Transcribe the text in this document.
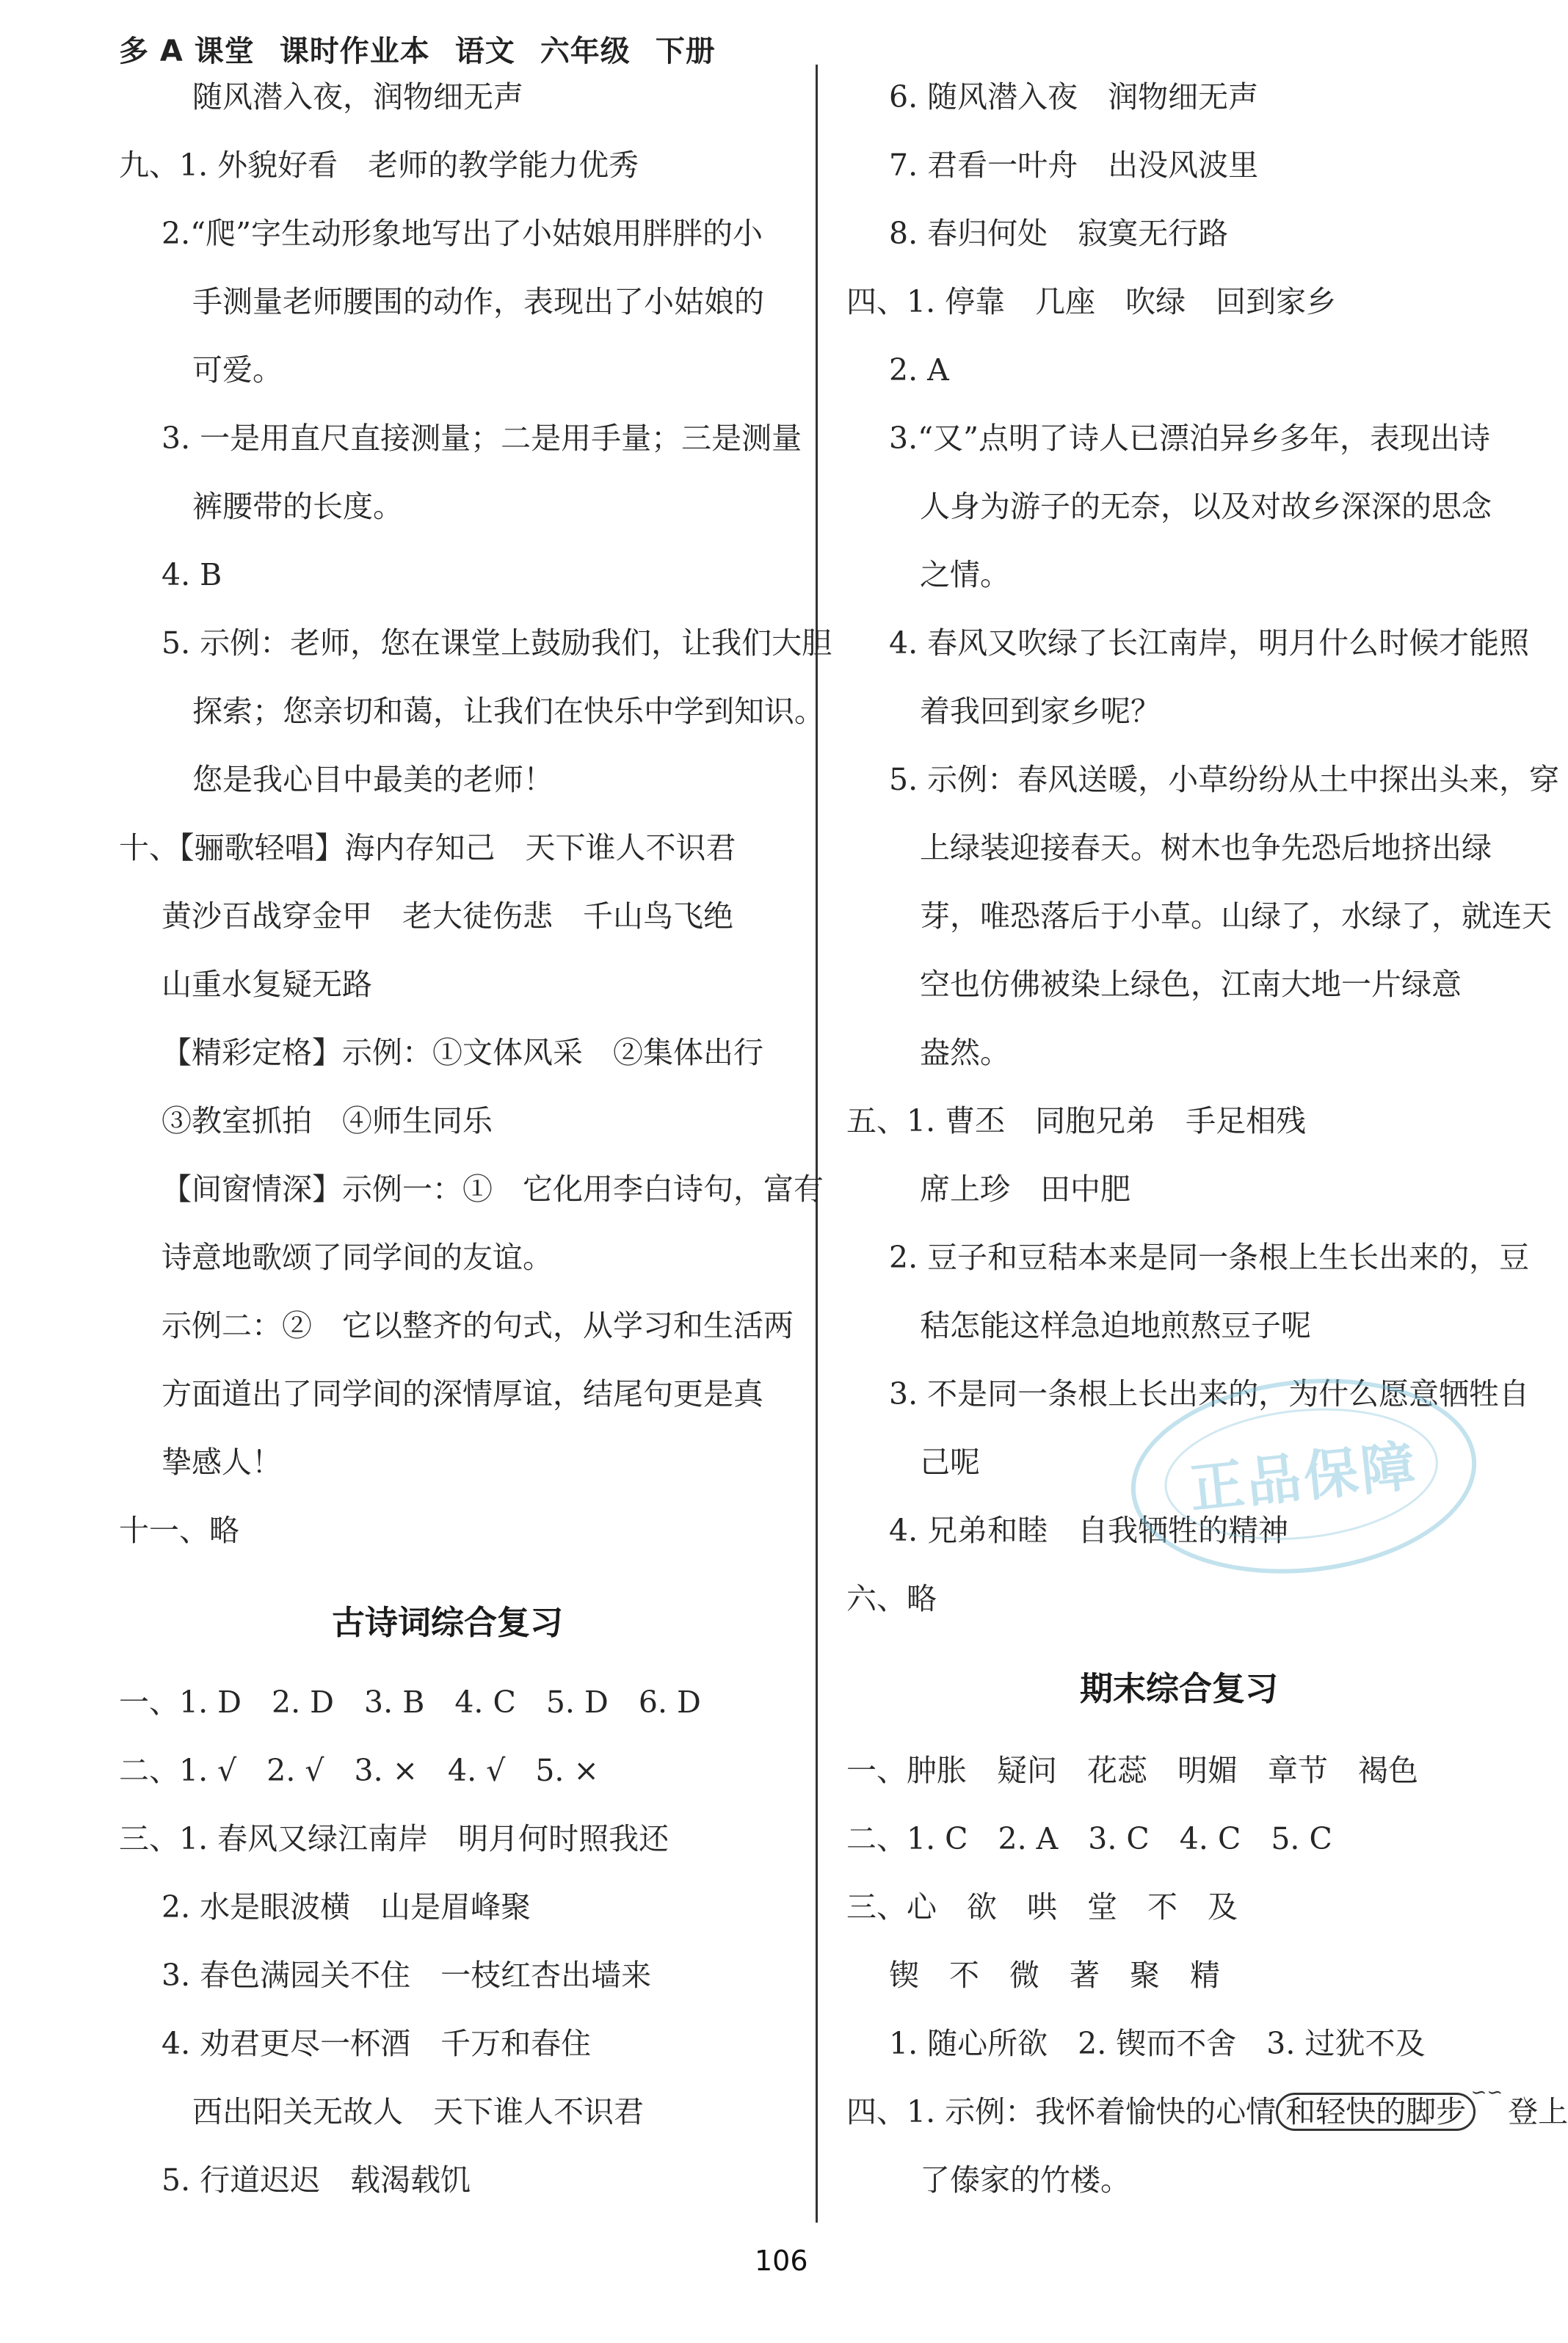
多 A 课堂 课时作业本 语文 六年级 下册
随风潜入夜，润物细无声
九、1. 外貌好看　老师的教学能力优秀
2.“爬”字生动形象地写出了小姑娘用胖胖的小
手测量老师腰围的动作，表现出了小姑娘的
可爱。
3. 一是用直尺直接测量；二是用手量；三是测量
裤腰带的长度。
4. B
5. 示例：老师，您在课堂上鼓励我们，让我们大胆
探索；您亲切和蔼，让我们在快乐中学到知识。
您是我心目中最美的老师！
十、【骊歌轻唱】海内存知己　天下谁人不识君
黄沙百战穿金甲　老大徒伤悲　千山鸟飞绝
山重水复疑无路
【精彩定格】示例：①文体风采　②集体出行
③教室抓拍　④师生同乐
【间窗情深】示例一：①　它化用李白诗句，富有
诗意地歌颂了同学间的友谊。
示例二：②　它以整齐的句式，从学习和生活两
方面道出了同学间的深情厚谊，结尾句更是真
挚感人！
十一、略
古诗词综合复习
一、1. D　2. D　3. B　4. C　5. D　6. D
二、1. √　2. √　3. ×　4. √　5. ×
三、1. 春风又绿江南岸　明月何时照我还
2. 水是眼波横　山是眉峰聚
3. 春色满园关不住　一枝红杏出墙来
4. 劝君更尽一杯酒　千万和春住
西出阳关无故人　天下谁人不识君
5. 行道迟迟　载渴载饥
6. 随风潜入夜　润物细无声
7. 君看一叶舟　出没风波里
8. 春归何处　寂寞无行路
四、1. 停靠　几座　吹绿　回到家乡
2. A
3.“又”点明了诗人已漂泊异乡多年，表现出诗
人身为游子的无奈，以及对故乡深深的思念
之情。
4. 春风又吹绿了长江南岸，明月什么时候才能照
着我回到家乡呢？
5. 示例：春风送暖，小草纷纷从土中探出头来，穿
上绿装迎接春天。树木也争先恐后地挤出绿
芽，唯恐落后于小草。山绿了，水绿了，就连天
空也仿佛被染上绿色，江南大地一片绿意
盎然。
五、1. 曹丕　同胞兄弟　手足相残
席上珍　田中肥
2. 豆子和豆秸本来是同一条根上生长出来的，豆
秸怎能这样急迫地煎熬豆子呢
3. 不是同一条根上长出来的，为什么愿意牺牲自
己呢
4. 兄弟和睦　自我牺牲的精神
六、略
期末综合复习
一、肿胀　疑问　花蕊　明媚　章节　褐色
二、1. C　2. A　3. C　4. C　5. C
三、心　欲　哄　堂　不　及
锲　不　微　著　聚　精
1. 随心所欲　2. 锲而不舍　3. 过犹不及
四、1. 示例：我怀着愉快的心情 和轻快的脚步 ∽∽ 登上
了傣家的竹楼。
正品保障
106
